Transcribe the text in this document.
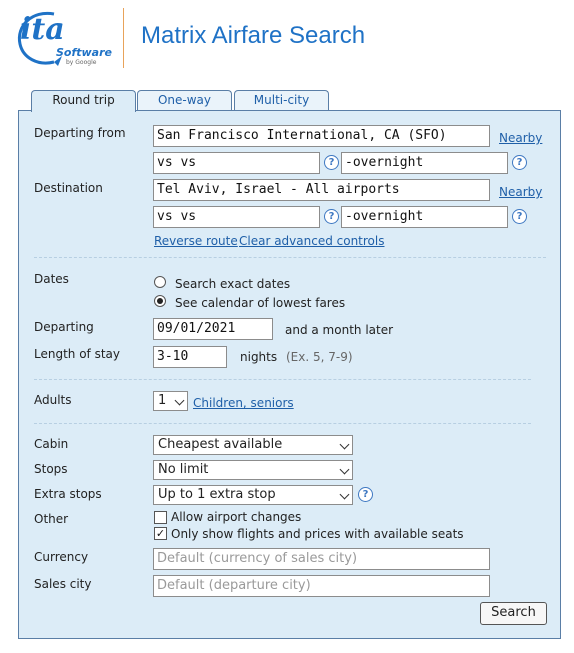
ita
Software
by Google
Matrix Airfare Search
Round trip	One-way	Multi-city
Departing from	San Francisco International, CA (SFO)	Nearby
vs vs	? -overnight	?
Destination	Tel Aviv, Israel - All airports	Nearby
vs vs	? -overnight	?
Reverse route Clear advanced controls
Dates	Search exact dates
See calendar of lowest fares
Departing	09/01/2021	and a month later
Length of stay	3-10	nights (Ex. 5, 7-9)
Adults	1	Children, seniors
Cabin	Cheapest available
Stops	No limit
Extra stops	Up to 1 extra stop	?
Other	Allow airport changes
✓ Only show flights and prices with available seats
Currency	Default (currency of sales city)
Sales city	Default (departure city)
Search
